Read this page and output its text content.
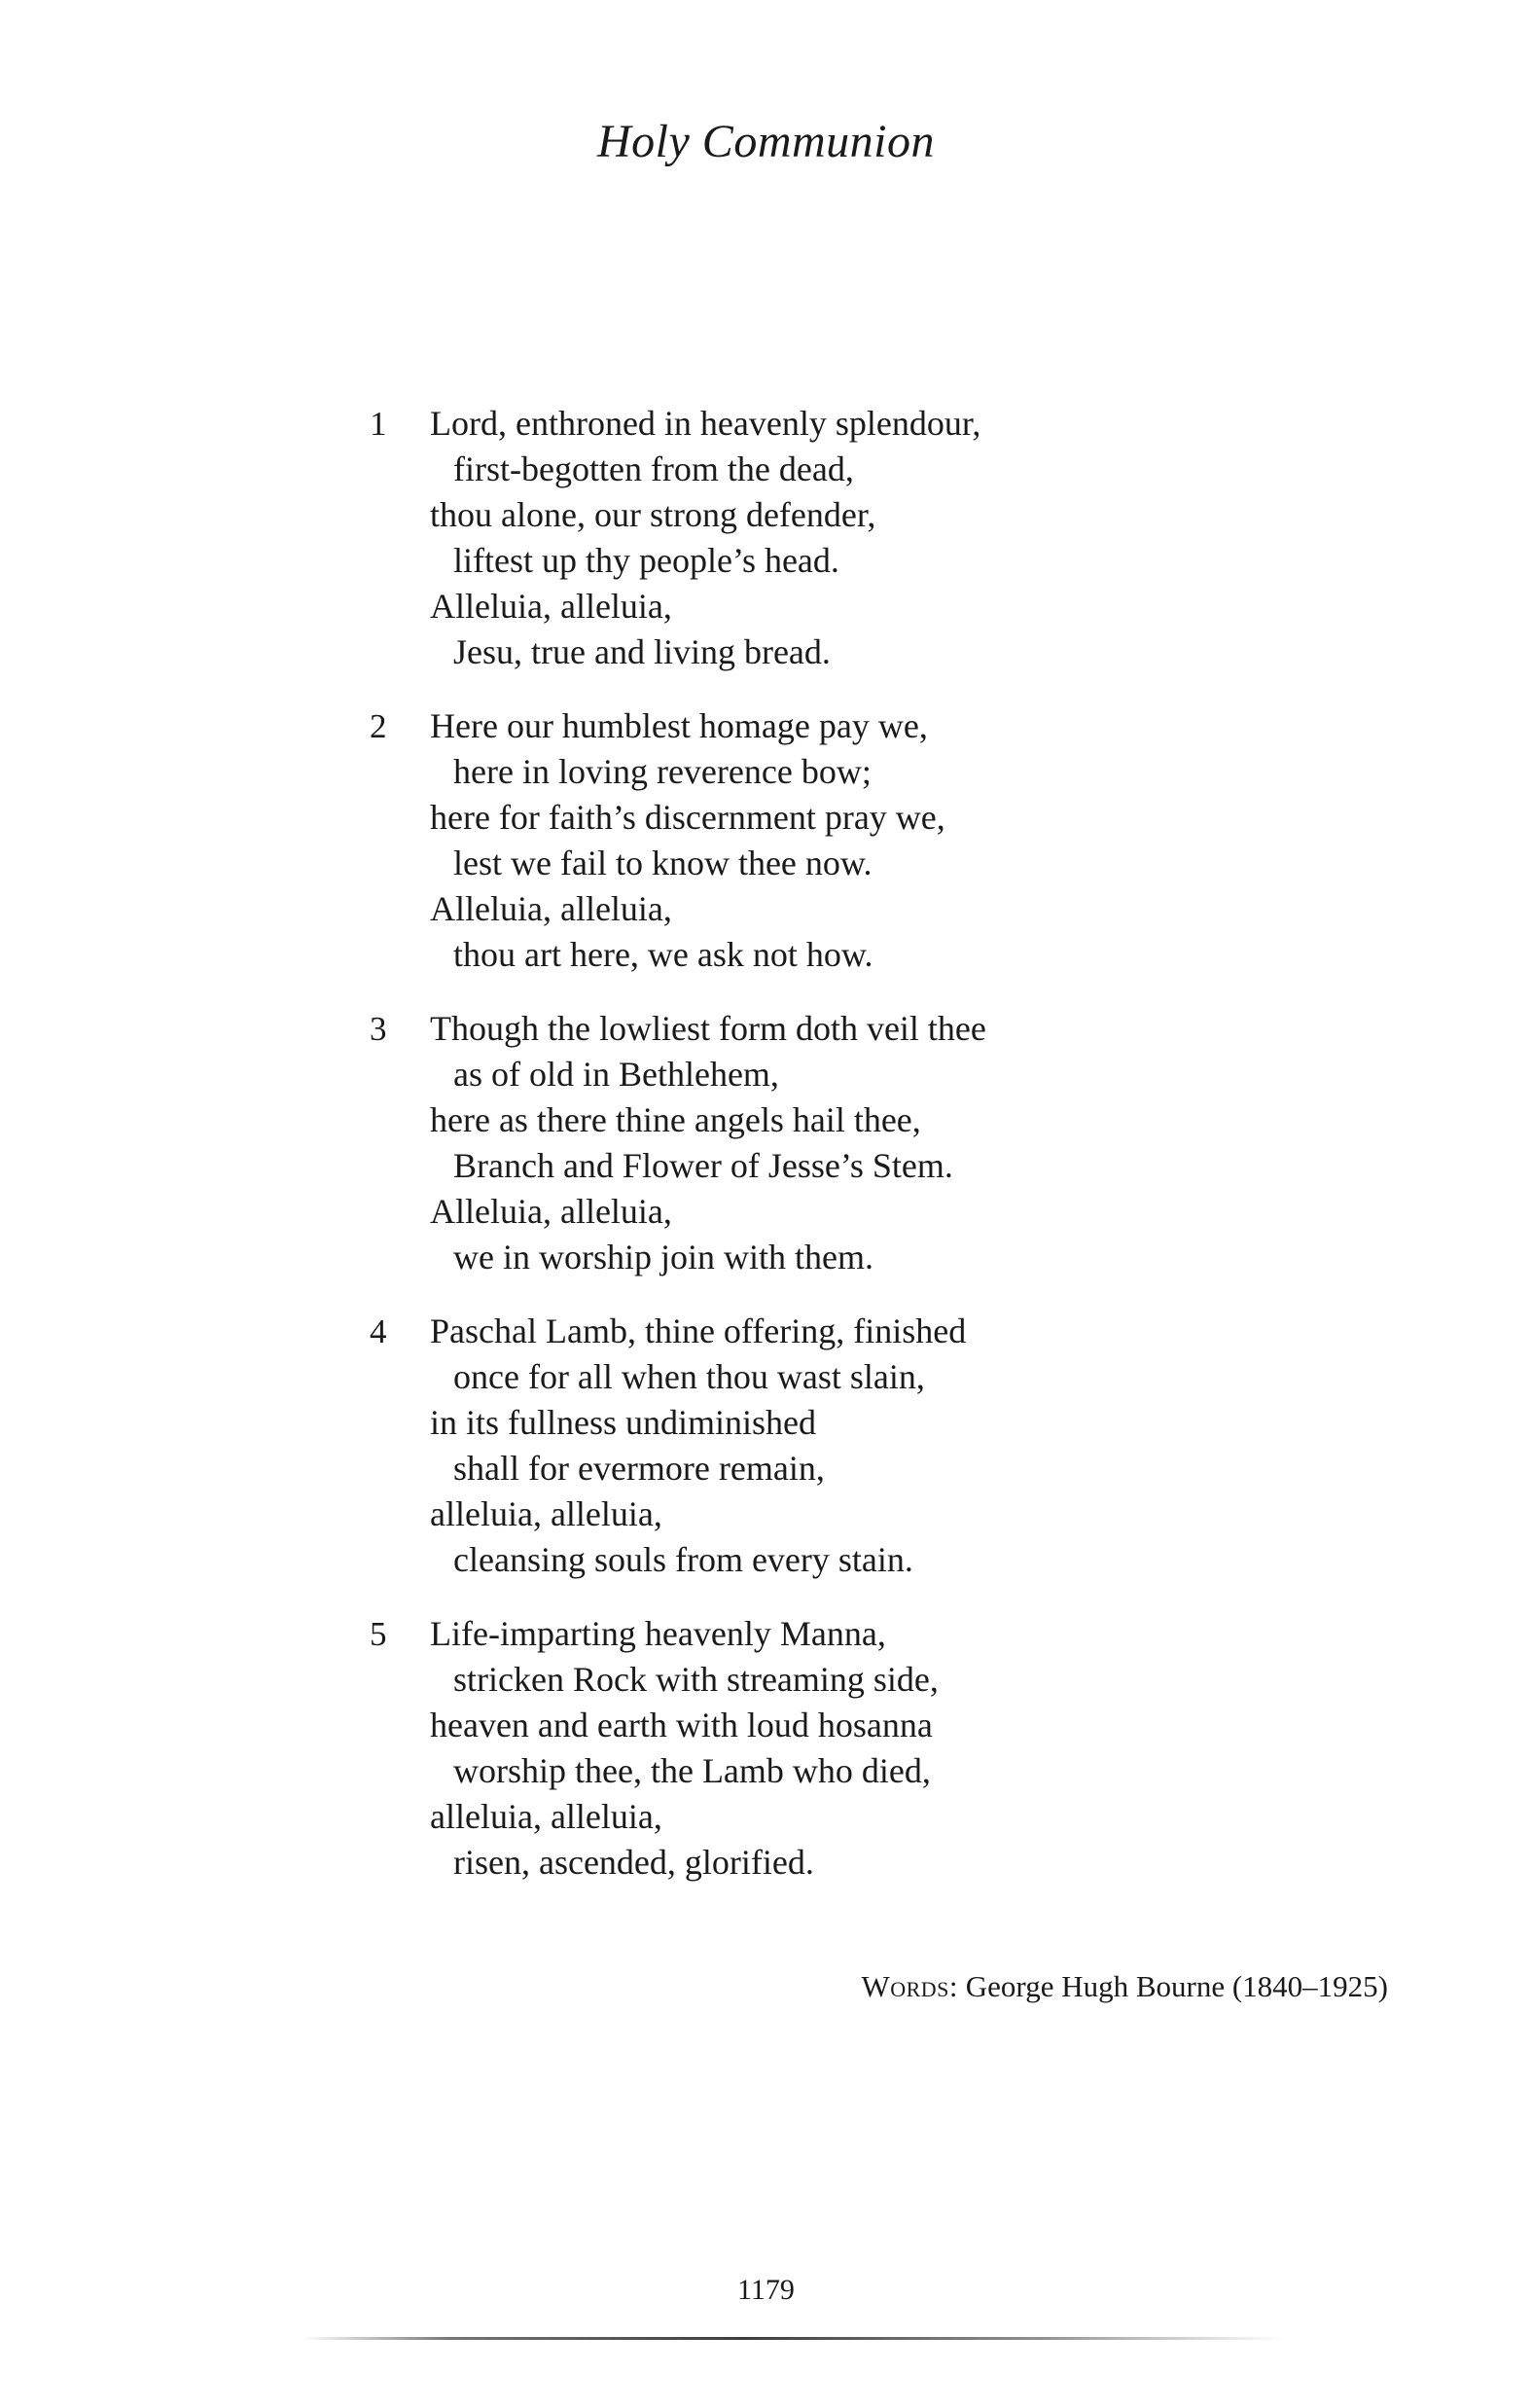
Holy Communion
1	Lord, enthroned in heavenly splendour,
first-begotten from the dead,
thou alone, our strong defender,
liftest up thy people’s head.
Alleluia, alleluia,
Jesu, true and living bread.
2	Here our humblest homage pay we,
here in loving reverence bow;
here for faith’s discernment pray we,
lest we fail to know thee now.
Alleluia, alleluia,
thou art here, we ask not how.
3	Though the lowliest form doth veil thee
as of old in Bethlehem,
here as there thine angels hail thee,
Branch and Flower of Jesse’s Stem.
Alleluia, alleluia,
we in worship join with them.
4	Paschal Lamb, thine offering, finished
once for all when thou wast slain,
in its fullness undiminished
shall for evermore remain,
alleluia, alleluia,
cleansing souls from every stain.
5	Life-imparting heavenly Manna,
stricken Rock with streaming side,
heaven and earth with loud hosanna
worship thee, the Lamb who died,
alleluia, alleluia,
risen, ascended, glorified.
Words: George Hugh Bourne (1840–1925)
1179
